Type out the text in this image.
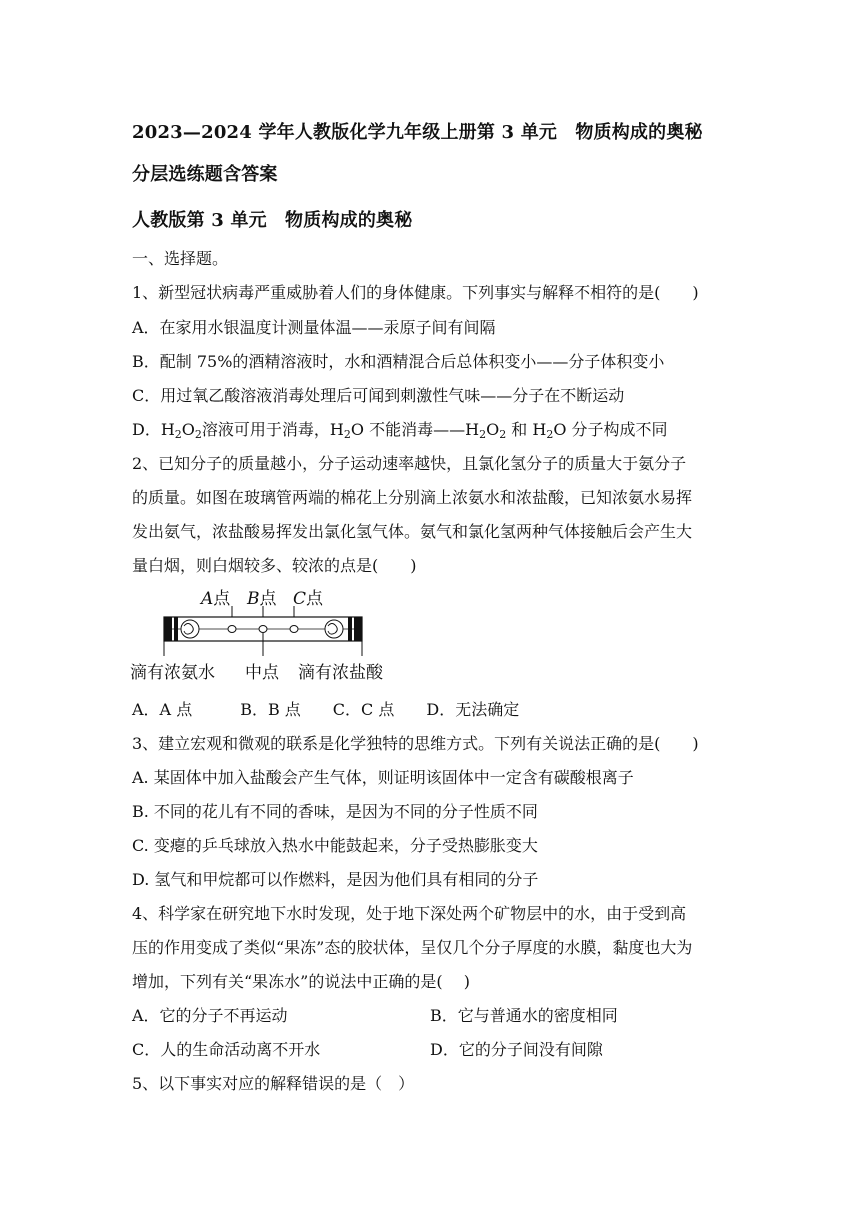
2023—2024 学年人教版化学九年级上册第 3 单元　物质构成的奥秘
分层选练题含答案
人教版第 3 单元　物质构成的奥秘
一、选择题。
1、新型冠状病毒严重威胁着人们的身体健康。下列事实与解释不相符的是(　　)
A．在家用水银温度计测量体温——汞原子间有间隔
B．配制 75%的酒精溶液时，水和酒精混合后总体积变小——分子体积变小
C．用过氧乙酸溶液消毒处理后可闻到刺激性气味——分子在不断运动
D．$H_2O_2$溶液可用于消毒，$H_2O$ 不能消毒$——H_2O_2$ 和 $H_2O$ 分子构成不同
2、已知分子的质量越小，分子运动速率越快，且氯化氢分子的质量大于氨分子
的质量。如图在玻璃管两端的棉花上分别滴上浓氨水和浓盐酸，已知浓氨水易挥
发出氨气，浓盐酸易挥发出氯化氢气体。氨气和氯化氢两种气体接触后会产生大
量白烟，则白烟较多、较浓的点是(　　)
A点 B点 C点
滴有浓氨水 中点 滴有浓盐酸
A．A 点　　　B．B 点　　C．C 点　　D．无法确定
3、建立宏观和微观的联系是化学独特的思维方式。下列有关说法正确的是(　　)
A. 某固体中加入盐酸会产生气体，则证明该固体中一定含有碳酸根离子
B. 不同的花儿有不同的香味，是因为不同的分子性质不同
C. 变瘪的乒乓球放入热水中能鼓起来，分子受热膨胀变大
D. 氢气和甲烷都可以作燃料，是因为他们具有相同的分子
4、科学家在研究地下水时发现，处于地下深处两个矿物层中的水，由于受到高
压的作用变成了类似“果冻”态的胶状体，呈仅几个分子厚度的水膜，黏度也大为
增加，下列有关“果冻水”的说法中正确的是(　 )
A．它的分子不再运动	B．它与普通水的密度相同
C．人的生命活动离不开水	D．它的分子间没有间隙
5、以下事实对应的解释错误的是（　）
